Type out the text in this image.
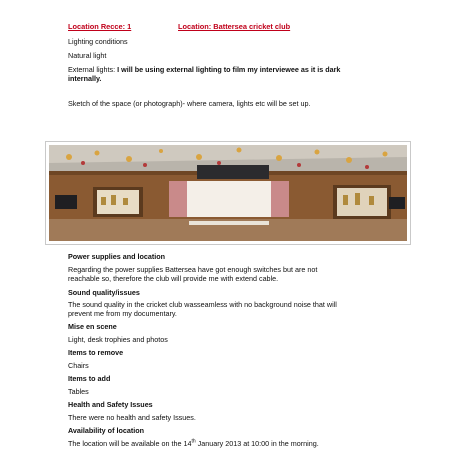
Location Recce: 1	Location: Battersea cricket club
Lighting conditions
Natural light
External lights: I will be using external lighting to film my interviewee as it is dark
internally.
Sketch of the space (or photograph)- where camera, lights etc will be set up.
Power supplies and location
Regarding the power supplies Battersea have got enough switches but are not
reachable so, therefore the club will provide me with extend cable.
Sound quality/issues
The sound quality in the cricket club wasseamless with no background noise that will
prevent me from my documentary.
Mise en scene
Light, desk trophies and photos
Items to remove
Chairs
Items to add
Tables
Health and Safety Issues
There were no health and safety Issues.
Availability of location
The location will be available on the 14th January 2013 at 10:00 in the morning.
